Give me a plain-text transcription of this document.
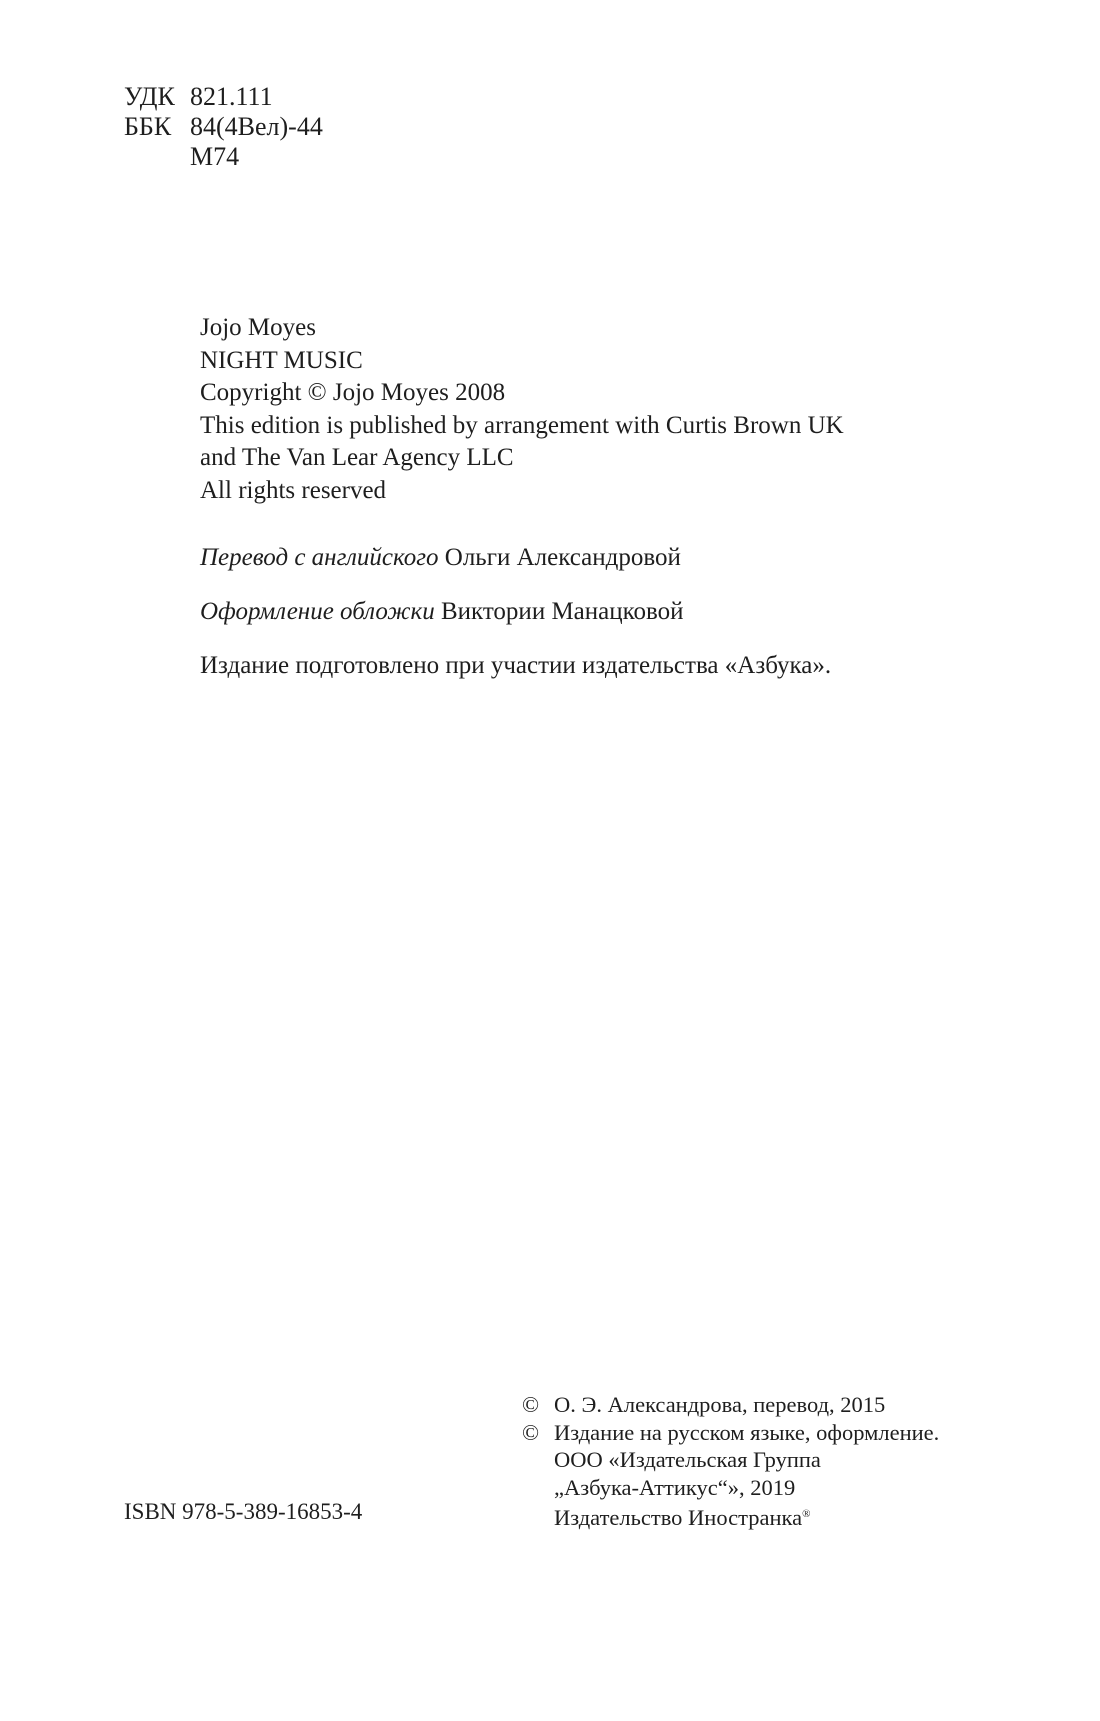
УДК 821.111
ББК 84(4Вел)-44
М74
Jojo Moyes
NIGHT MUSIC
Copyright © Jojo Moyes 2008
This edition is published by arrangement with Curtis Brown UK
and The Van Lear Agency LLC
All rights reserved
Перевод с английского Ольги Александровой
Оформление обложки Виктории Манацковой
Издание подготовлено при участии издательства «Азбука».
© О. Э. Александрова, перевод, 2015
© Издание на русском языке, оформление.
ООО «Издательская Группа
„Азбука-Аттикус“», 2019
Издательство Иностранка®
ISBN 978-5-389-16853-4
